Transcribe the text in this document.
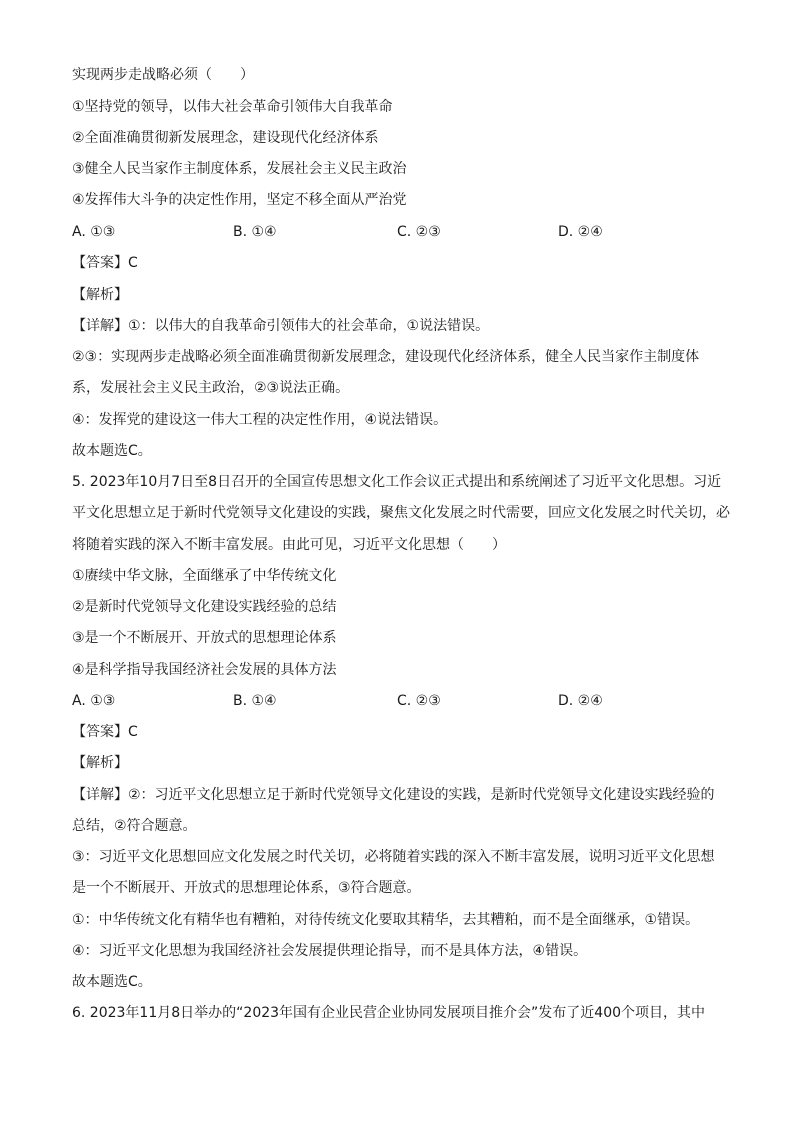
实现两步走战略必须（　　）
①坚持党的领导，以伟大社会革命引领伟大自我革命
②全面准确贯彻新发展理念，建设现代化经济体系
③健全人民当家作主制度体系，发展社会主义民主政治
④发挥伟大斗争的决定性作用，坚定不移全面从严治党
A. ①③	B. ①④	C. ②③	D. ②④
【答案】C
【解析】
【详解】①：以伟大的自我革命引领伟大的社会革命，①说法错误。
②③：实现两步走战略必须全面准确贯彻新发展理念，建设现代化经济体系，健全人民当家作主制度体
系，发展社会主义民主政治，②③说法正确。
④：发挥党的建设这一伟大工程的决定性作用，④说法错误。
故本题选C。
5. 2023年10月7日至8日召开的全国宣传思想文化工作会议正式提出和系统阐述了习近平文化思想。习近
平文化思想立足于新时代党领导文化建设的实践，聚焦文化发展之时代需要，回应文化发展之时代关切，必
将随着实践的深入不断丰富发展。由此可见，习近平文化思想（　　）
①赓续中华文脉，全面继承了中华传统文化
②是新时代党领导文化建设实践经验的总结
③是一个不断展开、开放式的思想理论体系
④是科学指导我国经济社会发展的具体方法
A. ①③	B. ①④	C. ②③	D. ②④
【答案】C
【解析】
【详解】②：习近平文化思想立足于新时代党领导文化建设的实践，是新时代党领导文化建设实践经验的
总结，②符合题意。
③：习近平文化思想回应文化发展之时代关切，必将随着实践的深入不断丰富发展，说明习近平文化思想
是一个不断展开、开放式的思想理论体系，③符合题意。
①：中华传统文化有精华也有糟粕，对待传统文化要取其精华，去其糟粕，而不是全面继承，①错误。
④：习近平文化思想为我国经济社会发展提供理论指导，而不是具体方法，④错误。
故本题选C。
6. 2023年11月8日举办的“2023年国有企业民营企业协同发展项目推介会”发布了近400个项目，其中
